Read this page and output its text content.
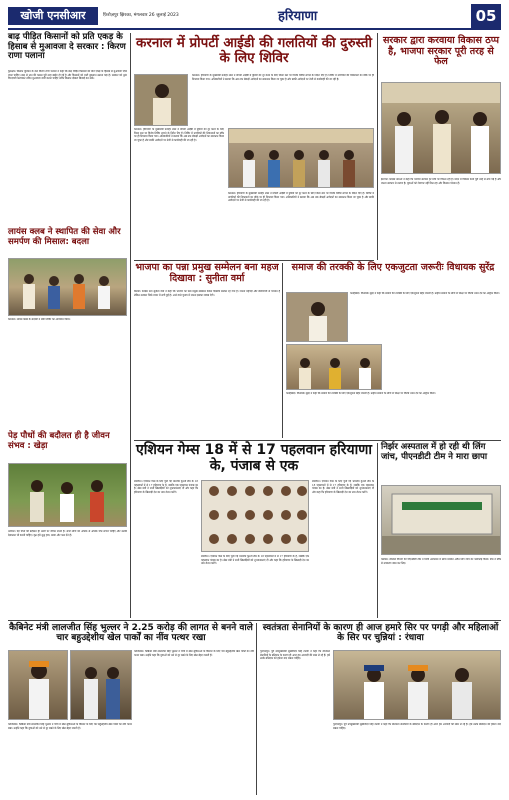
खोजी एनसीआर	फ़िरोज़पुर झिरका, मंगलवार 26 जुलाई 2023	हरियाणा	05
बाढ़ पीड़ित किसानों को प्रति एकड़ के हिसाब से मुआवजा दे सरकार : किरण राणा पलाना
कुरुक्षेत्र। किसान यूनियन के नेता किरण राणा पलाना ने कहा कि बाढ़ पीड़ित किसानों को प्रति एकड़ के हिसाब से मुआवजा दिया जाना चाहिए। बाढ़ से धान की फसल पूरी तरह बर्बाद हो गई है और किसानों को भारी नुकसान उठाना पड़ा है। सरकार को तुरंत गिरदावरी करवाकर उचित मुआवजा जारी करना चाहिए ताकि किसान दोबारा बिजाई कर सकें।
लायंस क्लब ने स्थापित की सेवा और समर्पण की मिसाल: बदला
करनाल। लायंस क्लब के सदस्यों ने सेवा शिविर का आयोजन किया।
पेड़ पौधों की बदौलत ही है जीवन संभव : खेड़ा
नरवाना। पेड़ पौधों की बदौलत ही धरती पर जीवन संभव है। सभी लोगों को अधिक से अधिक पौधे लगाने चाहिए और उनकी देखभाल भी करनी चाहिए। वृक्ष हमें शुद्ध हवा, छाया और फल देते हैं।
करनाल में प्रोपर्टी आईडी की गलतियों की दुरुस्ती के लिए शिविर
करनाल। हरियाणा के मुख्यमंत्री मनोहर लाल ने प्रोपर्टी आईडी में त्रुटियों को दूर करने के लिए जिला स्तर पर विशेष शिविर लगाने के निर्देश दिए हैं। शिविर में नागरिकों की शिकायतों का मौके पर ही निपटारा किया गया। अधिकारियों ने बताया कि अब तक सैकड़ों आवेदनों का समाधान किया जा चुका है और बाकी आवेदनों पर तेजी से कार्यवाही की जा रही है।
करनाल। हरियाणा के मुख्यमंत्री मनोहर लाल ने प्रोपर्टी आईडी में त्रुटियों को दूर करने के लिए जिला स्तर पर विशेष शिविर लगाने के निर्देश दिए हैं। शिविर में नागरिकों की शिकायतों का मौके पर ही निपटारा किया गया। अधिकारियों ने बताया कि अब तक सैकड़ों आवेदनों का समाधान किया जा चुका है और बाकी आवेदनों पर तेजी से कार्यवाही की जा रही है।
करनाल। हरियाणा के मुख्यमंत्री मनोहर लाल ने प्रोपर्टी आईडी में त्रुटियों को दूर करने के लिए जिला स्तर पर विशेष शिविर लगाने के निर्देश दिए हैं। शिविर में नागरिकों की शिकायतों का मौके पर ही निपटारा किया गया। अधिकारियों ने बताया कि अब तक सैकड़ों आवेदनों का समाधान किया जा चुका है और बाकी आवेदनों पर तेजी से कार्यवाही की जा रही है।
भाजपा का पन्ना प्रमुख सम्मेलन बना महज दिखावा : सुनीता वर्मा
सिरसा। कांग्रेस नेता सुनीता वर्मा ने कहा कि भाजपा का पन्ना प्रमुख सम्मेलन केवल दिखावा बनकर रह गया है। जनता महंगाई और बेरोजगारी से परेशान है लेकिन सरकार सिर्फ प्रचार में लगी हुई है। आने वाले चुनाव में जनता इसका जवाब देगी।
समाज की तरक्की के लिए एकजुटता जरूरीः विधायक सुरेंद्र
फतेहाबाद। विधायक सुरेंद्र ने कहा कि समाज की तरक्की के लिए एकजुटता बेहद जरूरी है। उन्होंने समाज के लोगों से शिक्षा पर विशेष ध्यान देने का आह्वान किया।
फतेहाबाद। विधायक सुरेंद्र ने कहा कि समाज की तरक्की के लिए एकजुटता बेहद जरूरी है। उन्होंने समाज के लोगों से शिक्षा पर विशेष ध्यान देने का आह्वान किया।
सरकार द्वारा करवाया विकास ठप्प है, भाजपा सरकार पूरी तरह से फेल
झज्जर। कांग्रेस नेताओं ने कहा कि भाजपा सरकार हर मोर्चे पर विफल रही है। प्रदेश में विकास कार्य पूरी तरह से ठप्प पड़े हैं और जनता सरकार से नाराज है। युवाओं को रोजगार नहीं मिल रहा और किसान परेशान हैं।
निर्झर अस्पताल में हो रही थी लिंग जांच, पीएनडीटी टीम ने मारा छापा
पलवल। स्वास्थ्य विभाग की पीएनडीटी टीम ने निजी अस्पताल में छापा मारकर अवैध लिंग जांच का भंडाफोड़ किया। टीम ने मौके से उपकरण जब्त कर लिए।
एशियन गेम्स 18 में से 17 पहलवान हरियाणा के, पंजाब से एक
सोनीपत। एशियन गेम्स के लिए चुनी गई भारतीय कुश्ती टीम के 18 पहलवानों में से 17 हरियाणा के हैं, जबकि एक पहलवान पंजाब का है। खेल मंत्री ने सभी खिलाड़ियों को शुभकामनाएं दीं और कहा कि हरियाणा के खिलाड़ी देश का नाम रोशन करेंगे।
सोनीपत। एशियन गेम्स के लिए चुनी गई भारतीय कुश्ती टीम के 18 पहलवानों में से 17 हरियाणा के हैं, जबकि एक पहलवान पंजाब का है। खेल मंत्री ने सभी खिलाड़ियों को शुभकामनाएं दीं और कहा कि हरियाणा के खिलाड़ी देश का नाम रोशन करेंगे।
सोनीपत। एशियन गेम्स के लिए चुनी गई भारतीय कुश्ती टीम के 18 पहलवानों में से 17 हरियाणा के हैं, जबकि एक पहलवान पंजाब का है। खेल मंत्री ने सभी खिलाड़ियों को शुभकामनाएं दीं और कहा कि हरियाणा के खिलाड़ी देश का नाम रोशन करेंगे।
कैबिनेट मंत्री लालजीत सिंह भुल्लर ने 2.25 करोड़ की लागत से बनने वाले चार बहुउद्देशीय खेल पार्कों का नींव पत्थर रखा
फाजिल्का। कैबिनेट मंत्री लालजीत सिंह भुल्लर ने गांवों में खेल सुविधाओं के विस्तार के लिए चार बहुउद्देशीय खेल पार्कों का नींव पत्थर रखा। उन्होंने कहा कि युवाओं को नशे से दूर रखने के लिए खेल बेहद जरूरी हैं।
फाजिल्का। कैबिनेट मंत्री लालजीत सिंह भुल्लर ने गांवों में खेल सुविधाओं के विस्तार के लिए चार बहुउद्देशीय खेल पार्कों का नींव पत्थर रखा। उन्होंने कहा कि युवाओं को नशे से दूर रखने के लिए खेल बेहद जरूरी हैं।
स्वतंत्रता सेनानियों के कारण ही आज हमारे सिर पर पगड़ी और महिलाओं के सिर पर चुन्नियां : रंधावा
गुरदासपुर। पूर्व उपमुख्यमंत्री सुखजिंदर सिंह रंधावा ने कहा कि स्वतंत्रता सेनानियों के बलिदान के कारण ही आज हम आजादी की सांस ले रहे हैं। हमें उनके बलिदान को हमेशा याद रखना चाहिए।
गुरदासपुर। पूर्व उपमुख्यमंत्री सुखजिंदर सिंह रंधावा ने कहा कि स्वतंत्रता सेनानियों के बलिदान के कारण ही आज हम आजादी की सांस ले रहे हैं। हमें उनके बलिदान को हमेशा याद रखना चाहिए।
